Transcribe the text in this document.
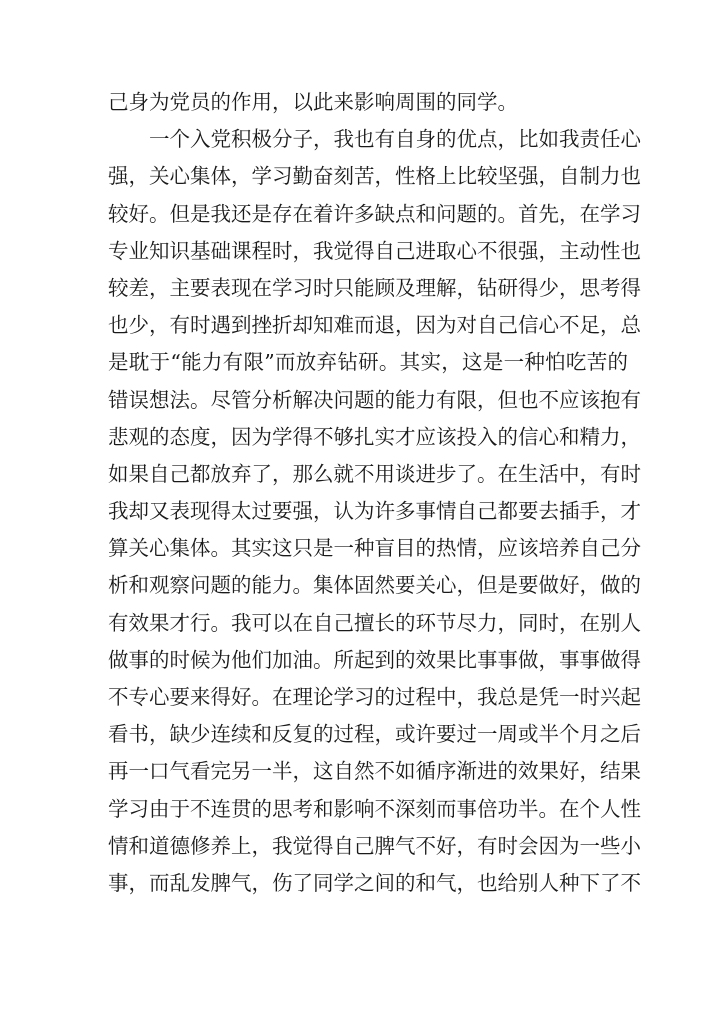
己身为党员的作用，以此来影响周围的同学。
　　一个入党积极分子，我也有自身的优点，比如我责任心
强，关心集体，学习勤奋刻苦，性格上比较坚强，自制力也
较好。但是我还是存在着许多缺点和问题的。首先，在学习
专业知识基础课程时，我觉得自己进取心不很强，主动性也
较差，主要表现在学习时只能顾及理解，钻研得少，思考得
也少，有时遇到挫折却知难而退，因为对自己信心不足，总
是耽于“能力有限”而放弃钻研。其实，这是一种怕吃苦的
错误想法。尽管分析解决问题的能力有限，但也不应该抱有
悲观的态度，因为学得不够扎实才应该投入的信心和精力，
如果自己都放弃了，那么就不用谈进步了。在生活中，有时
我却又表现得太过要强，认为许多事情自己都要去插手，才
算关心集体。其实这只是一种盲目的热情，应该培养自己分
析和观察问题的能力。集体固然要关心，但是要做好，做的
有效果才行。我可以在自己擅长的环节尽力，同时，在别人
做事的时候为他们加油。所起到的效果比事事做，事事做得
不专心要来得好。在理论学习的过程中，我总是凭一时兴起
看书，缺少连续和反复的过程，或许要过一周或半个月之后
再一口气看完另一半，这自然不如循序渐进的效果好，结果
学习由于不连贯的思考和影响不深刻而事倍功半。在个人性
情和道德修养上，我觉得自己脾气不好，有时会因为一些小
事，而乱发脾气，伤了同学之间的和气，也给别人种下了不
